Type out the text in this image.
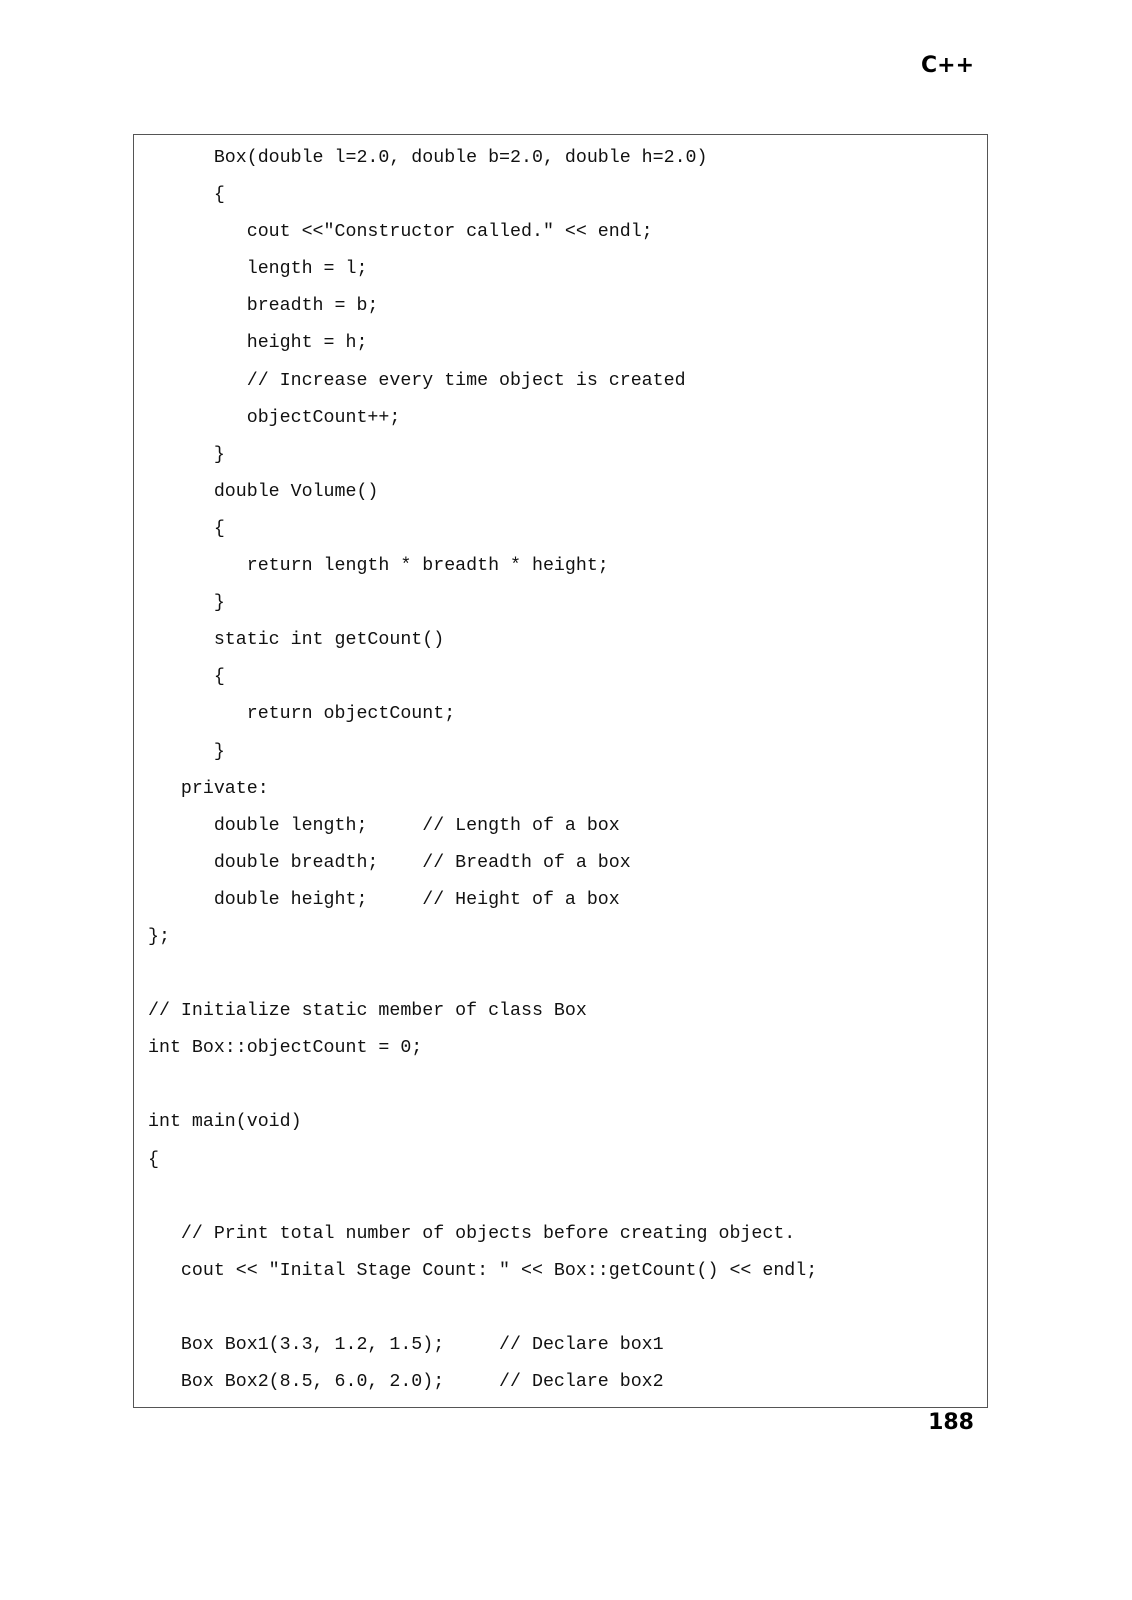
C++
Box(double l=2.0, double b=2.0, double h=2.0)
{
cout <<"Constructor called." << endl;
length = l;
breadth = b;
height = h;
// Increase every time object is created
objectCount++;
}
double Volume()
{
return length * breadth * height;
}
static int getCount()
{
return objectCount;
}
private:
double length;     // Length of a box
double breadth;    // Breadth of a box
double height;     // Height of a box
};
// Initialize static member of class Box
int Box::objectCount = 0;
int main(void)
{
// Print total number of objects before creating object.
cout << "Inital Stage Count: " << Box::getCount() << endl;
Box Box1(3.3, 1.2, 1.5);     // Declare box1
Box Box2(8.5, 6.0, 2.0);     // Declare box2
188
